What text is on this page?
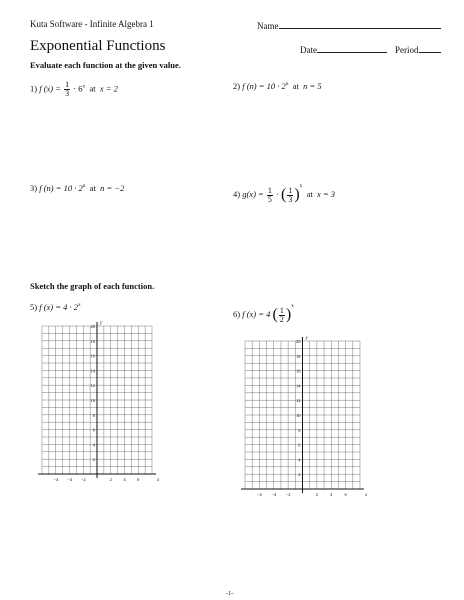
Kuta Software - Infinite Algebra 1	Name
Exponential Functions	Date	Period
Evaluate each function at the given value.
1) f $(x) = \frac{1}{3} \cdot 6^x$ at x = 2	2) f $(n) = 10 \cdot 2^n$ at n = 5
3) f $(n) = 10 \cdot 2^n$ at n = −2
4) $g(x) = \frac{1}{5}$ · ( $\frac{1}{3} )^x$  at x = 3
Sketch the graph of each function.
5) f $(x) = 4 \cdot 2^x$
6) f (x) = 4 ( $\frac{1}{2} )^x$
20
18
16
14
12
10
8
6
4
2
−4 −4 −2	2	4	6	x
y
20
18
16
14
12
10
8
6
4
2
−4 −4 −2	2	4	6	x
y
-1-
